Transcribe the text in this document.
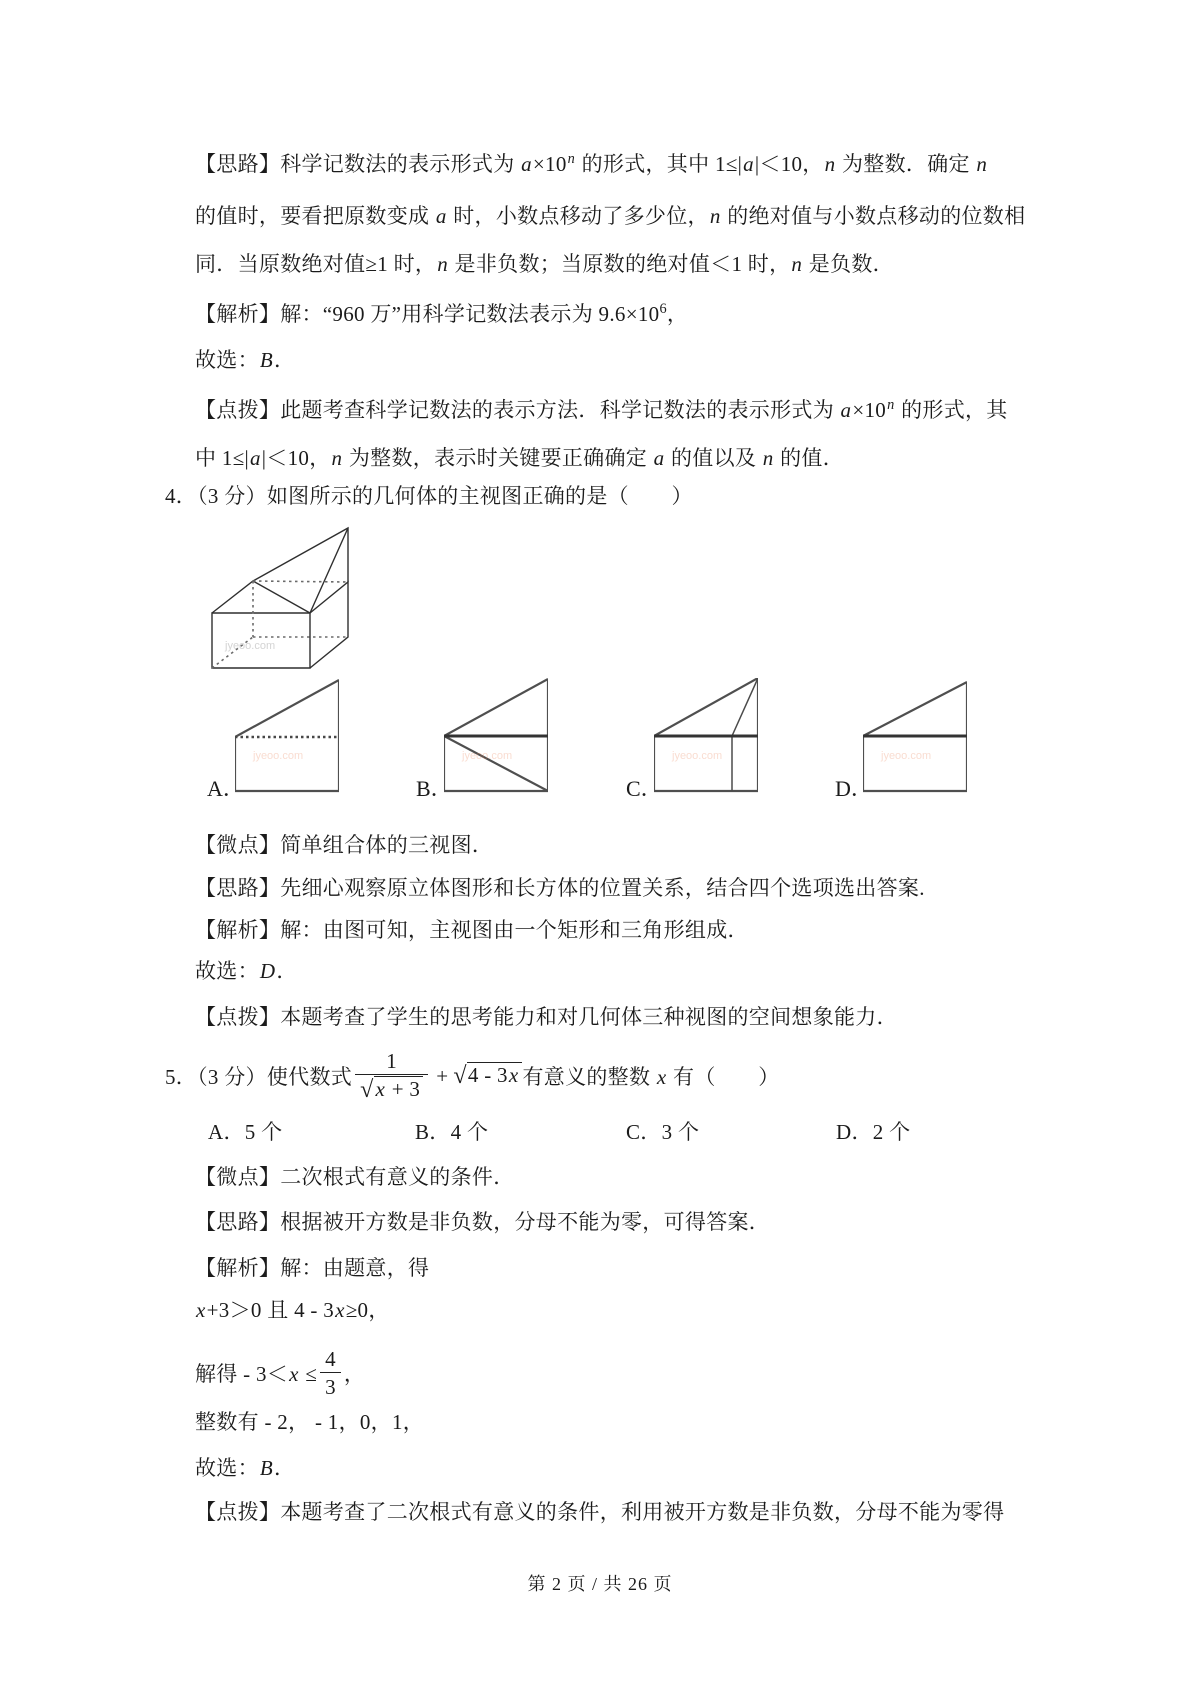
【思路】科学记数法的表示形式为 $a\times 10^n$ 的形式，其中 1≤|a|＜10，n 为整数．确定 n
的值时，要看把原数变成 a 时，小数点移动了多少位，n 的绝对值与小数点移动的位数相
同．当原数绝对值≥1 时，n 是非负数；当原数的绝对值＜1 时，n 是负数．
【解析】解：“960 万”用科学记数法表示为 $9.6\times 10^6$，
故选：B．
【点拨】此题考查科学记数法的表示方法．科学记数法的表示形式为 $a\times 10^n$ 的形式，其
中 1≤|a|＜10，n 为整数，表示时关键要正确确定 a 的值以及 n 的值．
4．（3 分）如图所示的几何体的主视图正确的是（　　）
【微点】简单组合体的三视图．
【思路】先细心观察原立体图形和长方体的位置关系，结合四个选项选出答案.
【解析】解：由图可知，主视图由一个矩形和三角形组成．
故选：D．
【点拨】本题考查了学生的思考能力和对几何体三种视图的空间想象能力．
【微点】二次根式有意义的条件．
【思路】根据被开方数是非负数，分母不能为零，可得答案．
【解析】解：由题意，得
x+3＞0 且 4 - 3x≥0，
整数有 - 2， - 1，0，1，
故选：B．
【点拨】本题考查了二次根式有意义的条件，利用被开方数是非负数，分母不能为零得
jyeoo.com
A．	B．	C．	D．
jyeoo.com	jyeoo.com	jyeoo.com	jyeoo.com
5．（3 分）使代数式 $\frac{1}{√x + 3} + √4 - 3x$ 有意义的整数 x 有（　　）
A．5 个	B．4 个	C．3 个	D．2 个
解得 - $3<x \le \frac{4}{3}$ ，
第 2 页 / 共 26 页
